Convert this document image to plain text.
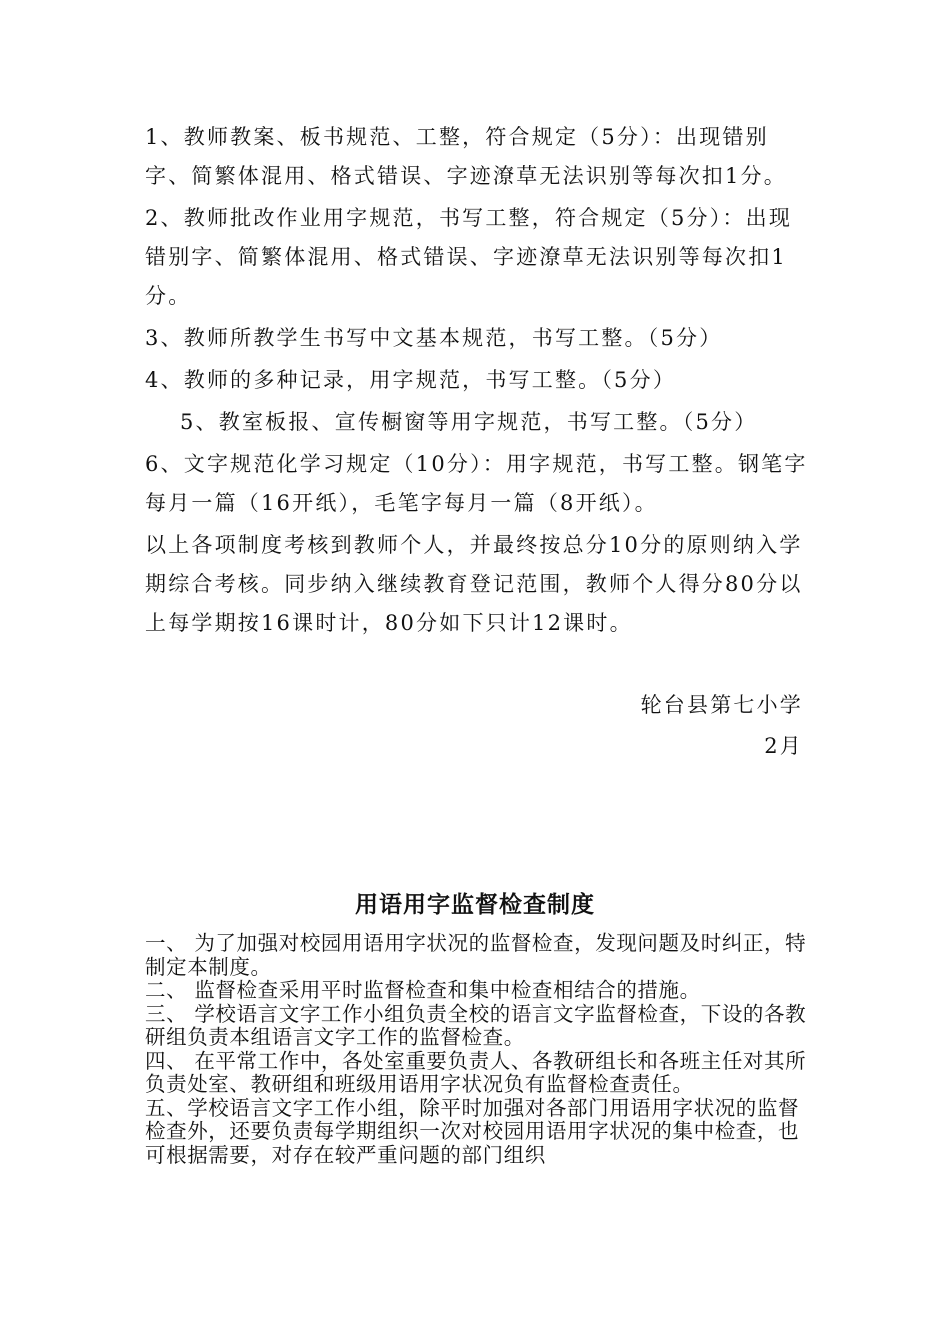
1、教师教案、板书规范、工整，符合规定（5分）：出现错别字、简繁体混用、格式错误、字迹潦草无法识别等每次扣1分。

2、教师批改作业用字规范，书写工整，符合规定（5分）：出现错别字、简繁体混用、格式错误、字迹潦草无法识别等每次扣1分。

3、教师所教学生书写中文基本规范，书写工整。（5分）

4、教师的多种记录，用字规范，书写工整。（5分）

5、教室板报、宣传橱窗等用字规范，书写工整。（5分）

6、文字规范化学习规定（10分）：用字规范，书写工整。钢笔字每月一篇（16开纸），毛笔字每月一篇（8开纸）。

以上各项制度考核到教师个人，并最终按总分10分的原则纳入学期综合考核。同步纳入继续教育登记范围，教师个人得分80分以上每学期按16课时计，80分如下只计12课时。

轮台县第七小学
2月
用语用字监督检查制度

一、 为了加强对校园用语用字状况的监督检查，发现问题及时纠正，特制定本制度。

二、 监督检查采用平时监督检查和集中检查相结合的措施。

三、 学校语言文字工作小组负责全校的语言文字监督检查，下设的各教研组负责本组语言文字工作的监督检查。

四、 在平常工作中，各处室重要负责人、各教研组长和各班主任对其所负责处室、教研组和班级用语用字状况负有监督检查责任。

五、学校语言文字工作小组，除平时加强对各部门用语用字状况的监督检查外，还要负责每学期组织一次对校园用语用字状况的集中检查，也可根据需要，对存在较严重问题的部门组织
